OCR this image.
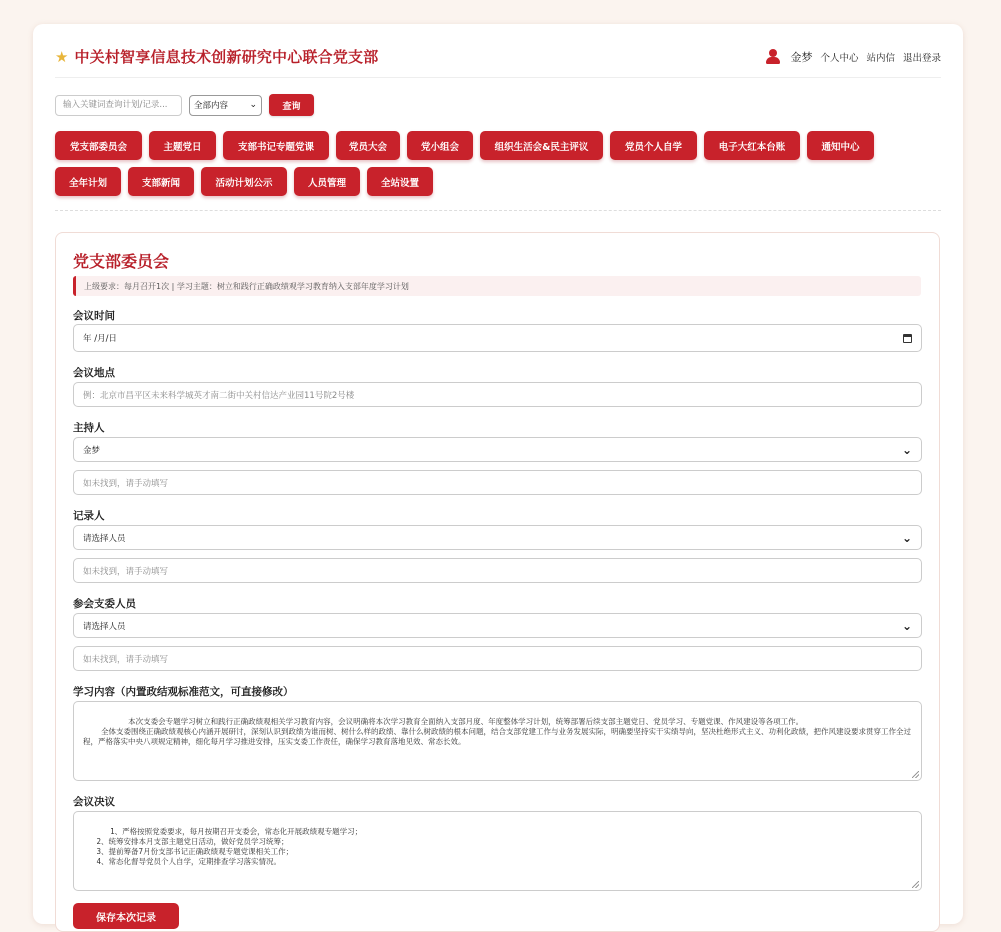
★ 中关村智享信息技术创新研究中心联合党支部	金梦 个人中心 站内信 退出登录
输入关键词查询计划/记录...
全部内容 ⌄	查询
党支部委员会	主题党日	支部书记专题党课	党员大会	党小组会	组织生活会&民主评议	党员个人自学	电子大红本台账	通知中心
全年计划	支部新闻	活动计划公示	人员管理	全站设置
党支部委员会
上级要求：每月召开1次 | 学习主题：树立和践行正确政绩观学习教育纳入支部年度学习计划
会议时间
年 /月/日
会议地点
例：北京市昌平区未来科学城英才南二街中关村信达产业园11号院2号楼
主持人
金梦	⌄
如未找到，请手动填写
记录人
请选择人员	⌄
如未找到，请手动填写
参会支委人员
请选择人员	⌄
如未找到，请手动填写
学习内容（内置政结观标准范文，可直接修改）

本次支委会专题学习树立和践行正确政绩观相关学习教育内容，会议明确将本次学习教育全面纳入支部月度、年度整体学习计划，统筹部署后续支部主题党日、党员学习、专题党课、作风建设等各项工作。
全体支委围绕正确政绩观核心内涵开展研讨，深刻认识到政绩为谁而树、树什么样的政绩、靠什么树政绩的根本问题，结合支部党建工作与业务发展实际，明确要坚持实干实绩导向，坚决杜绝形式主义、功利化政绩，把作风建设要求贯穿工作全过程，严格落实中央八项规定精神，细化每月学习推进安排，压实支委工作责任，确保学习教育落地见效、常态长效。

会议决议

1、严格按照党委要求，每月按期召开支委会，常态化开展政绩观专题学习；
2、统筹安排本月支部主题党日活动，做好党员学习统筹；
3、提前筹备7月份支部书记正确政绩观专题党课相关工作；
4、常态化督导党员个人自学，定期排查学习落实情况。

保存本次记录
